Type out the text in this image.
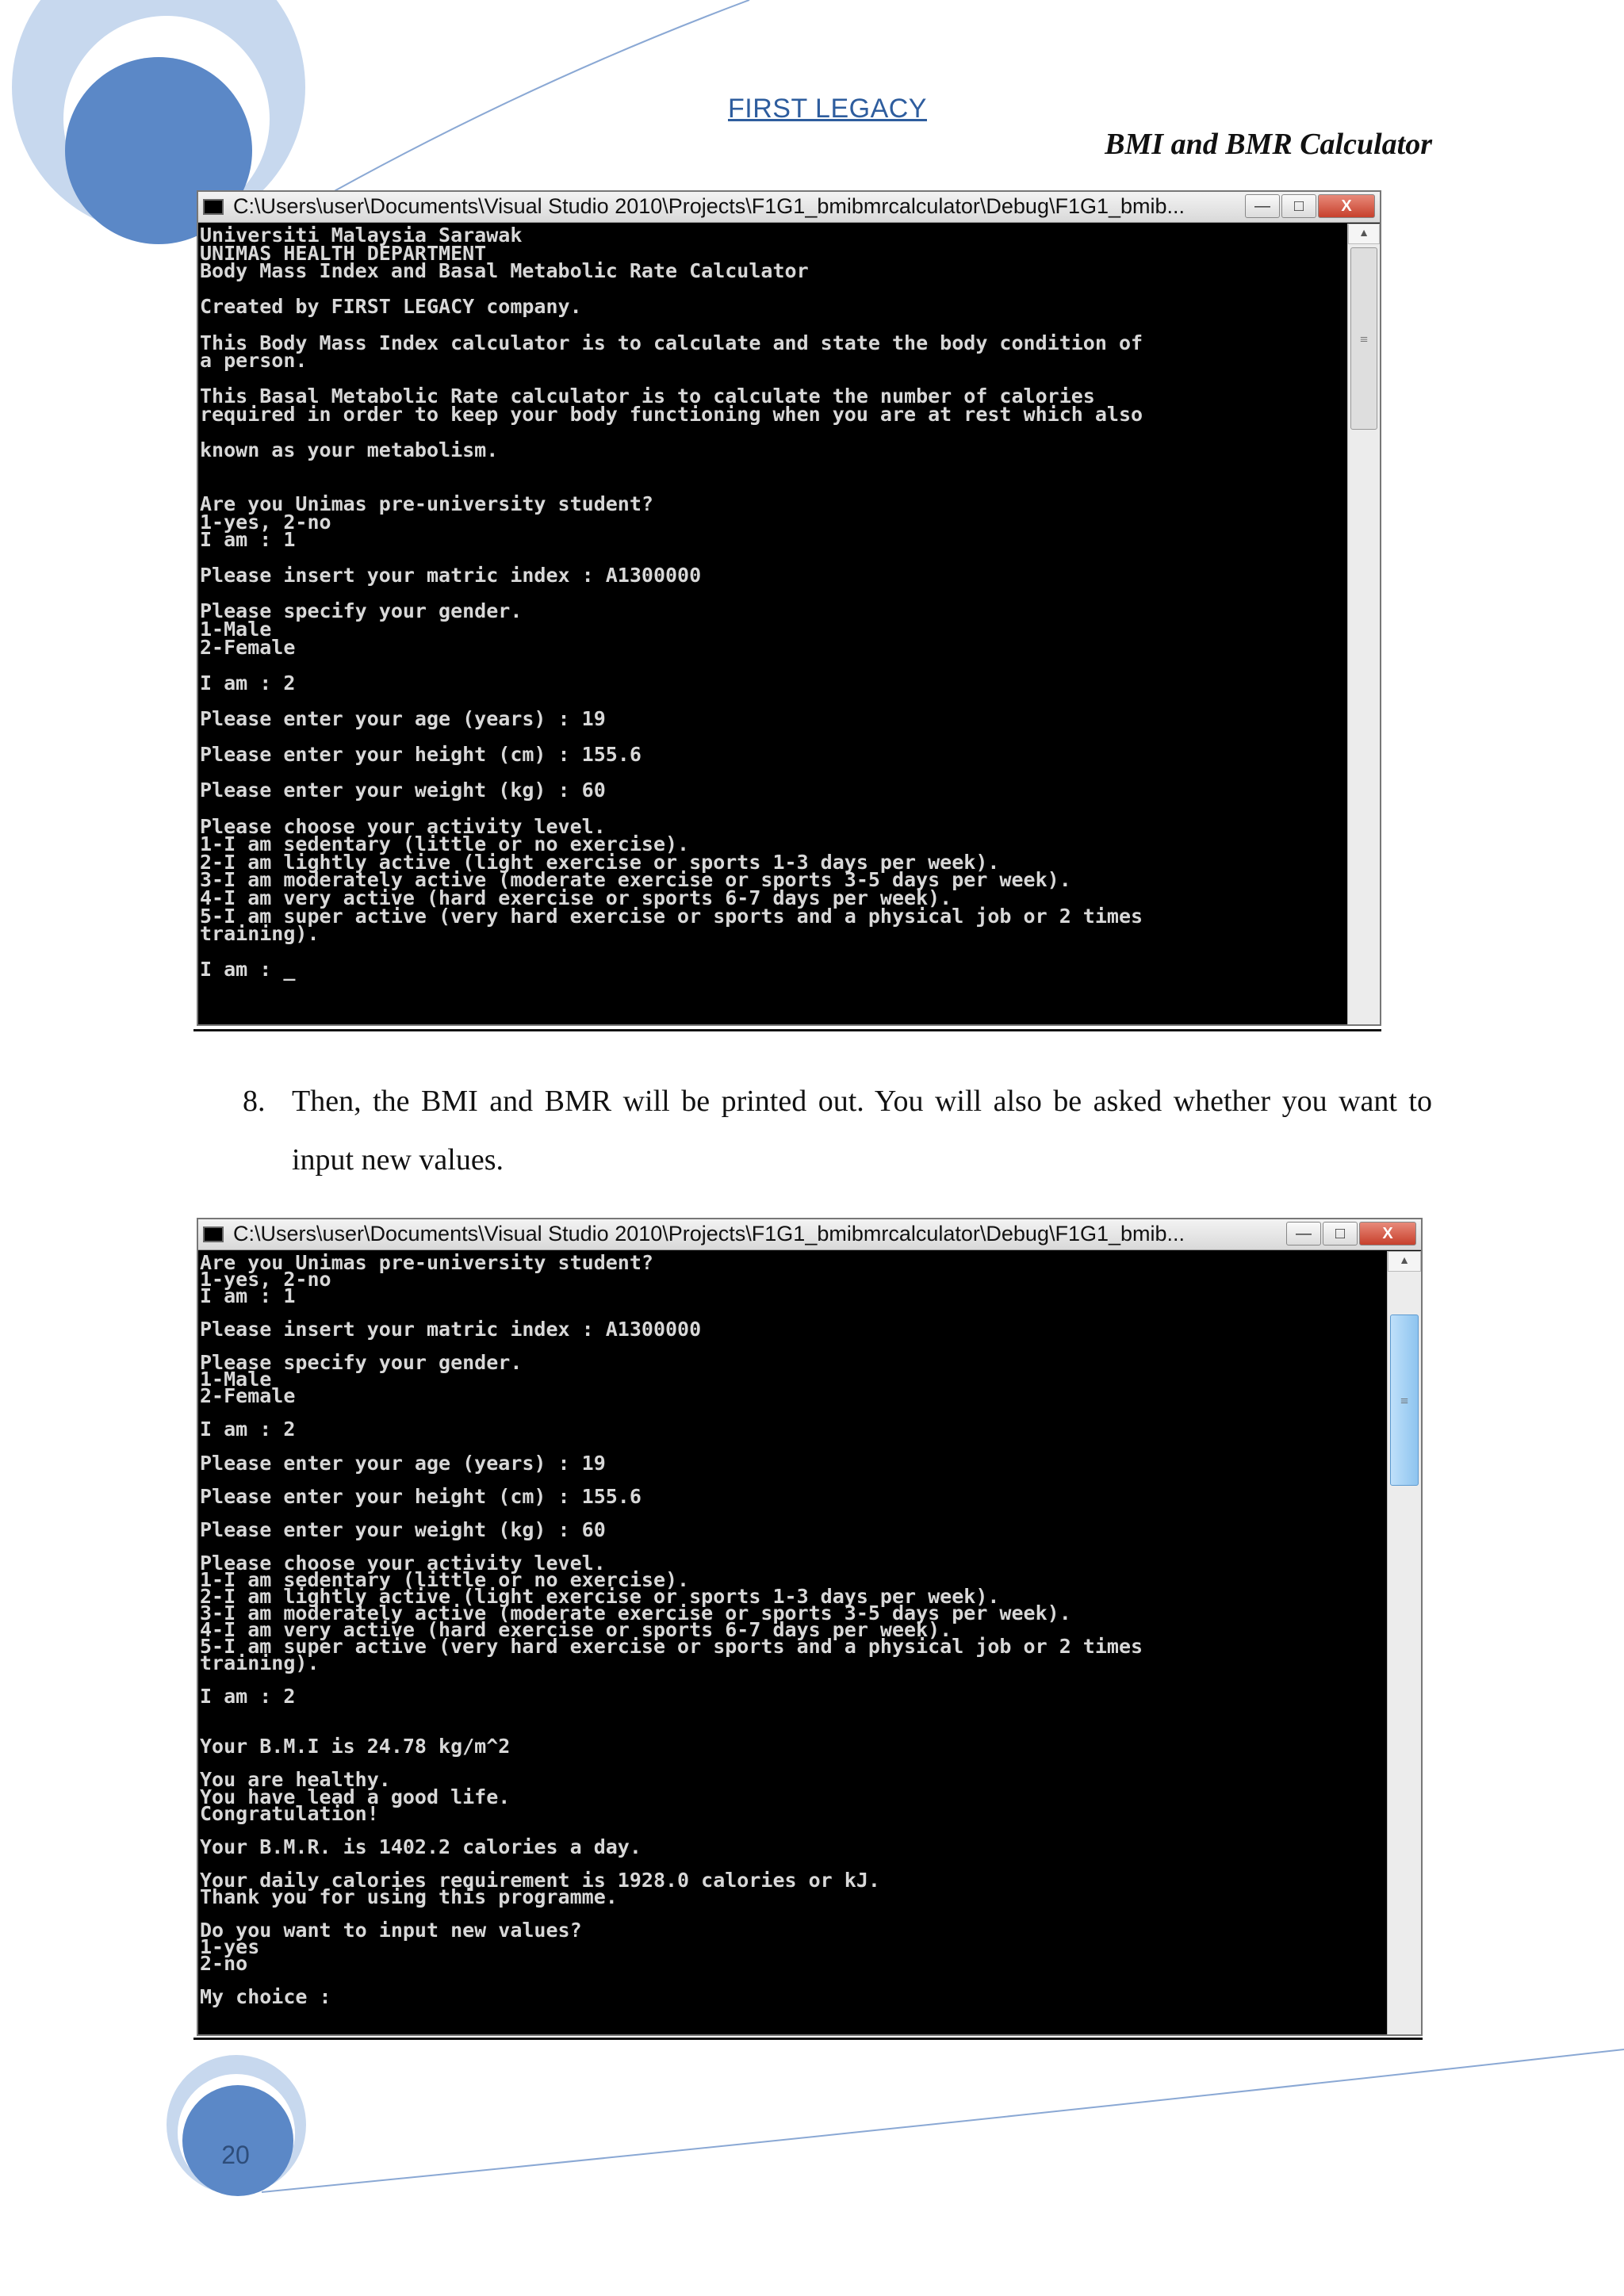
FIRST LEGACY
BMI and BMR Calculator
C:\Users\user\Documents\Visual Studio 2010\Projects\F1G1_bmibmrcalculator\Debug\F1G1_bmib...	—	□	X
Universiti Malaysia Sarawak
UNIMAS HEALTH DEPARTMENT
Body Mass Index and Basal Metabolic Rate Calculator

Created by FIRST LEGACY company.

This Body Mass Index calculator is to calculate and state the body condition of
a person.

This Basal Metabolic Rate calculator is to calculate the number of calories
required in order to keep your body functioning when you are at rest which also

known as your metabolism.

Are you Unimas pre-university student?
1-yes, 2-no
I am : 1

Please insert your matric index : A1300000

Please specify your gender.
1-Male
2-Female

I am : 2

Please enter your age (years) : 19

Please enter your height (cm) : 155.6

Please enter your weight (kg) : 60

Please choose your activity level.
1-I am sedentary (little or no exercise).
2-I am lightly active (light exercise or sports 1-3 days per week).
3-I am moderately active (moderate exercise or sports 3-5 days per week).
4-I am very active (hard exercise or sports 6-7 days per week).
5-I am super active (very hard exercise or sports and a physical job or 2 times
training).

I am : _
▲
≡
8. Then, the BMI and BMR will be printed out. You will also be asked whether you want to input new values.
C:\Users\user\Documents\Visual Studio 2010\Projects\F1G1_bmibmrcalculator\Debug\F1G1_bmib...	—	□	X
Are you Unimas pre-university student?
1-yes, 2-no
I am : 1

Please insert your matric index : A1300000

Please specify your gender.
1-Male
2-Female

I am : 2

Please enter your age (years) : 19

Please enter your height (cm) : 155.6

Please enter your weight (kg) : 60

Please choose your activity level.
1-I am sedentary (little or no exercise).
2-I am lightly active (light exercise or sports 1-3 days per week).
3-I am moderately active (moderate exercise or sports 3-5 days per week).
4-I am very active (hard exercise or sports 6-7 days per week).
5-I am super active (very hard exercise or sports and a physical job or 2 times
training).

I am : 2

Your B.M.I is 24.78 kg/m^2

You are healthy.
You have lead a good life.
Congratulation!

Your B.M.R. is 1402.2 calories a day.

Your daily calories requirement is 1928.0 calories or kJ.
Thank you for using this programme.

Do you want to input new values?
1-yes
2-no

My choice :
▲
≡
20
